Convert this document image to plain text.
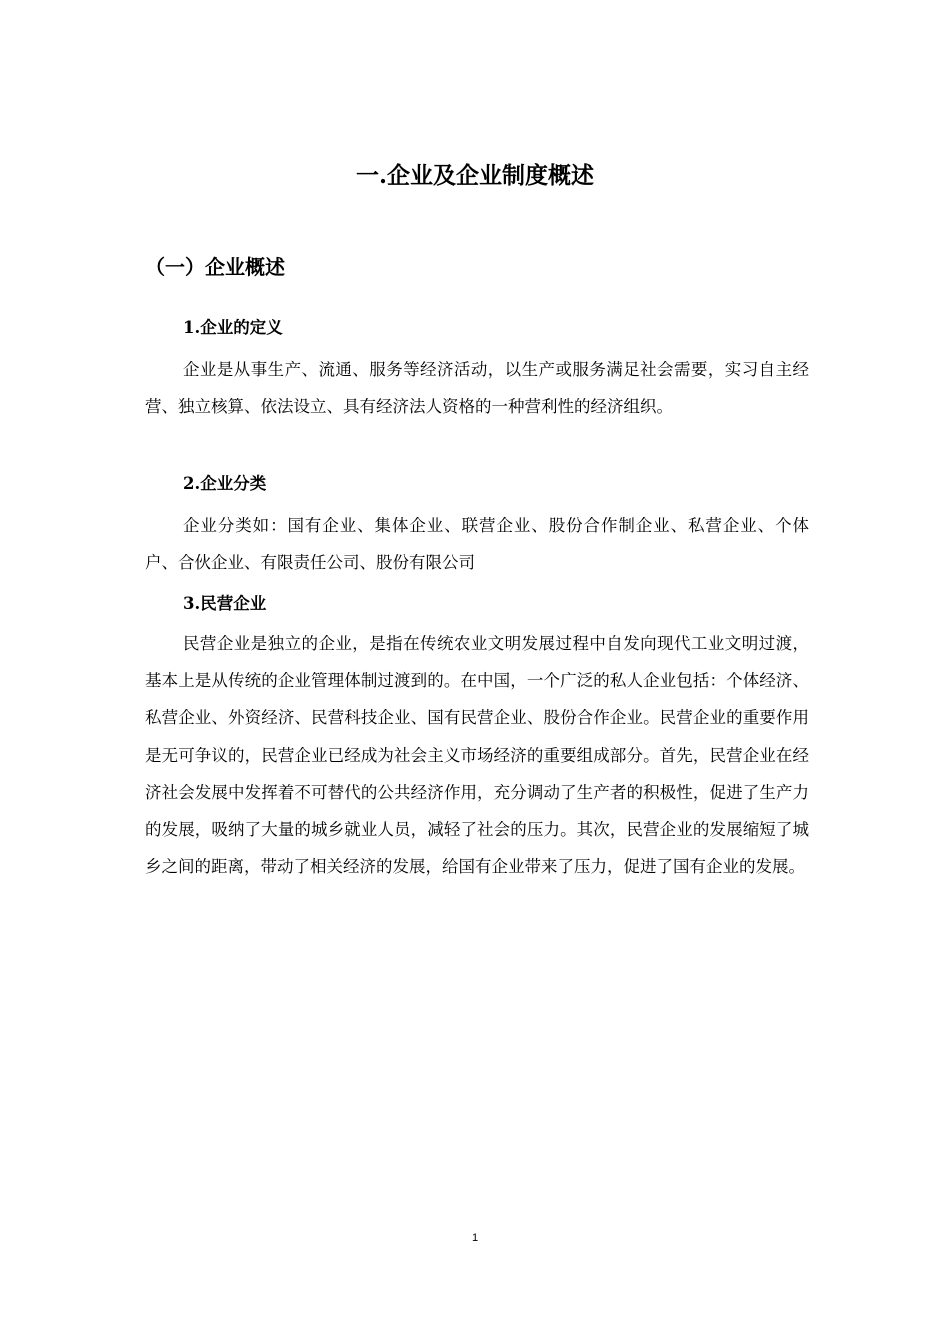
一.企业及企业制度概述
（一）企业概述
1.企业的定义

企业是从事生产、流通、服务等经济活动，以生产或服务满足社会需要，实习自主经营、独立核算、依法设立、具有经济法人资格的一种营利性的经济组织。

2.企业分类

企业分类如：国有企业、集体企业、联营企业、股份合作制企业、私营企业、个体户、合伙企业、有限责任公司、股份有限公司

3.民营企业

民营企业是独立的企业，是指在传统农业文明发展过程中自发向现代工业文明过渡，基本上是从传统的企业管理体制过渡到的。在中国，一个广泛的私人企业包括：个体经济、私营企业、外资经济、民营科技企业、国有民营企业、股份合作企业。民营企业的重要作用是无可争议的，民营企业已经成为社会主义市场经济的重要组成部分。首先，民营企业在经济社会发展中发挥着不可替代的公共经济作用，充分调动了生产者的积极性，促进了生产力的发展，吸纳了大量的城乡就业人员，减轻了社会的压力。其次，民营企业的发展缩短了城乡之间的距离，带动了相关经济的发展，给国有企业带来了压力，促进了国有企业的发展。

1
